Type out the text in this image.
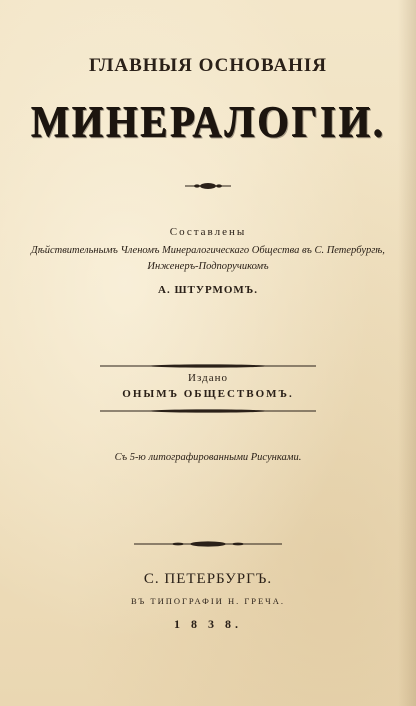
ГЛАВНЫЯ ОСНОВАНІЯ
МИНЕРАЛОГІИ.
Составлены
Дѣйствительнымъ Членомъ Минералогическаго Общества въ С. Петербургѣ,
Инженеръ-Подпоручикомъ
А. ШТУРМОМЪ.
Издано
ОНЫМЪ ОБЩЕСТВОМЪ.
Съ 5-ю литографированными Рисунками.
С. ПЕТЕРБУРГЪ.
ВЪ ТИПОГРАФІИ Н. ГРЕЧА.
1 8 3 8.
